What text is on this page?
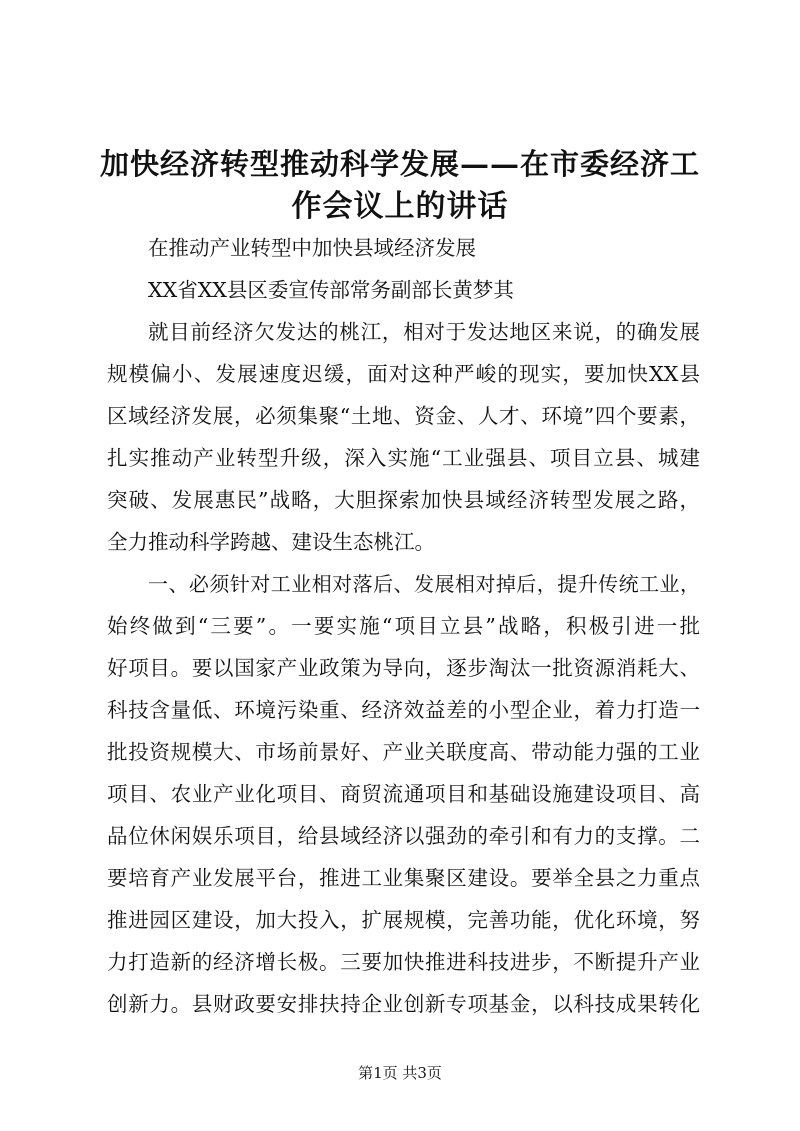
加快经济转型推动科学发展——在市委经济工
作会议上的讲话
在推动产业转型中加快县域经济发展
XX省XX县区委宣传部常务副部长黄梦其
就目前经济欠发达的桃江，相对于发达地区来说，的确发展
规模偏小、发展速度迟缓，面对这种严峻的现实，要加快XX县
区域经济发展，必须集聚“土地、资金、人才、环境”四个要素，
扎实推动产业转型升级，深入实施“工业强县、项目立县、城建
突破、发展惠民”战略，大胆探索加快县域经济转型发展之路，
全力推动科学跨越、建设生态桃江。
一、必须针对工业相对落后、发展相对掉后，提升传统工业，
始终做到“三要”。一要实施“项目立县”战略，积极引进一批
好项目。要以国家产业政策为导向，逐步淘汰一批资源消耗大、
科技含量低、环境污染重、经济效益差的小型企业，着力打造一
批投资规模大、市场前景好、产业关联度高、带动能力强的工业
项目、农业产业化项目、商贸流通项目和基础设施建设项目、高
品位休闲娱乐项目，给县域经济以强劲的牵引和有力的支撑。二
要培育产业发展平台，推进工业集聚区建设。要举全县之力重点
推进园区建设，加大投入，扩展规模，完善功能，优化环境，努
力打造新的经济增长极。三要加快推进科技进步，不断提升产业
创新力。县财政要安排扶持企业创新专项基金，以科技成果转化
第1页 共3页
